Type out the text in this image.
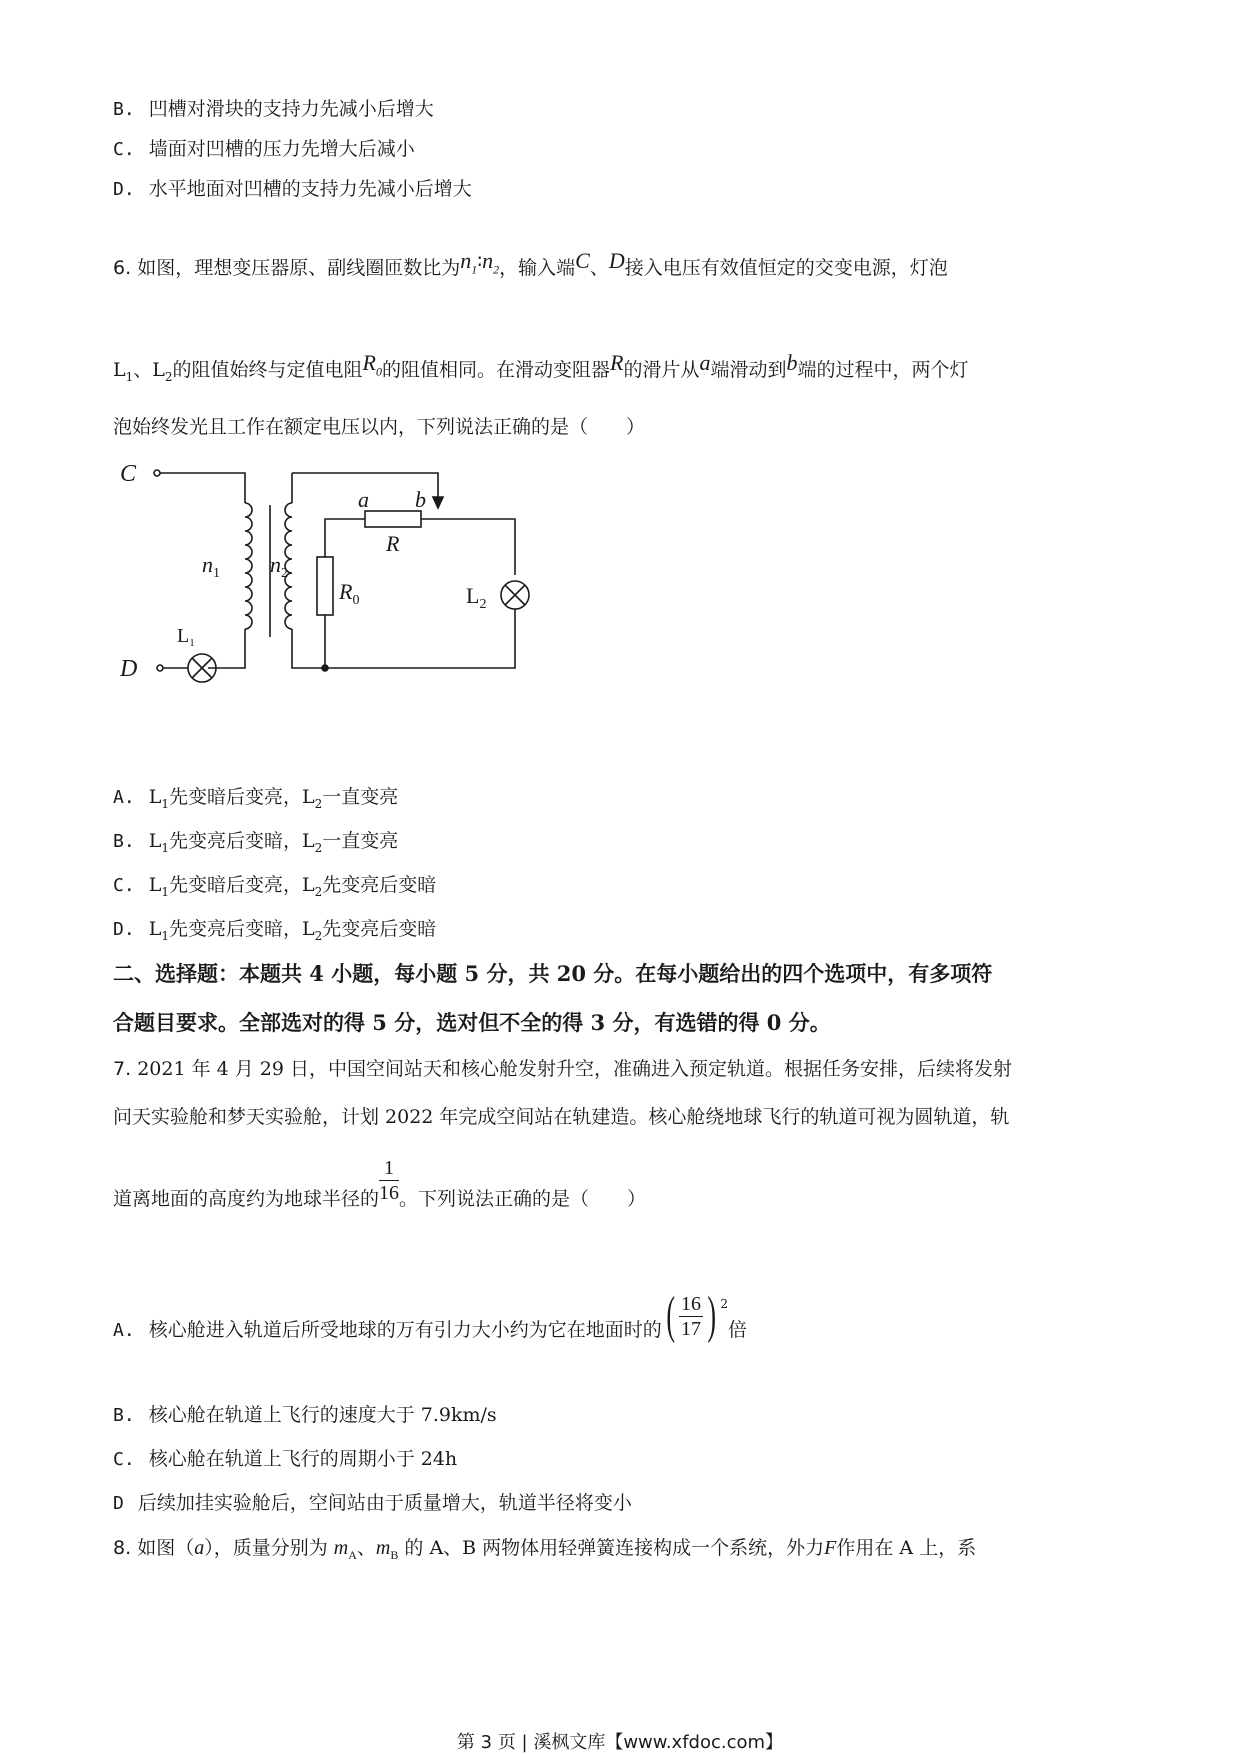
B. 凹槽对滑块的支持力先减小后增大
C. 墙面对凹槽的压力先增大后减小
D. 水平地面对凹槽的支持力先减小后增大
6. 如图，理想变压器原、副线圈匝数比为$n_1∶n_2$，输入端C、D接入电压有效值恒定的交变电源，灯泡
$L_1$、$L_2$的阻值始终与定值电阻$R_0$的阻值相同。在滑动变阻器R的滑片从a端滑动到b端的过程中，两个灯
泡始终发光且工作在额定电压以内，下列说法正确的是（　　）
C
D
$n_1$ $n_2$
a b
R
$R_0$
$L_1$
$L_2$
A. $L_1$先变暗后变亮，$L_2$一直变亮
B. $L_1$先变亮后变暗，$L_2$一直变亮
C. $L_1$先变暗后变亮，$L_2$先变亮后变暗
D. $L_1$先变亮后变暗，$L_2$先变亮后变暗
二、选择题：本题共 4 小题，每小题 5 分，共 20 分。在每小题给出的四个选项中，有多项符
合题目要求。全部选对的得 5 分，选对但不全的得 3 分，有选错的得 0 分。
7. 2021 年 4 月 29 日，中国空间站天和核心舱发射升空，准确进入预定轨道。根据任务安排，后续将发射
问天实验舱和梦天实验舱，计划 2022 年完成空间站在轨建造。核心舱绕地球飞行的轨道可视为圆轨道，轨
道离地面的高度约为地球半径的 $\frac{1}{16}$ 。下列说法正确的是（　　）
A. 核心舱进入轨道后所受地球的万有引力大小约为它在地面时的( $\frac{16}{17}$ ) $^2$倍
B. 核心舱在轨道上飞行的速度大于 7.9km/s
C. 核心舱在轨道上飞行的周期小于 24h
D 后续加挂实验舱后，空间站由于质量增大，轨道半径将变小
8. 如图（a），质量分别为 $m_A$、$m_B$ 的 A、B 两物体用轻弹簧连接构成一个系统，外力F作用在 A 上，系
第 3 页 | 溪枫文库【www.xfdoc.com】
